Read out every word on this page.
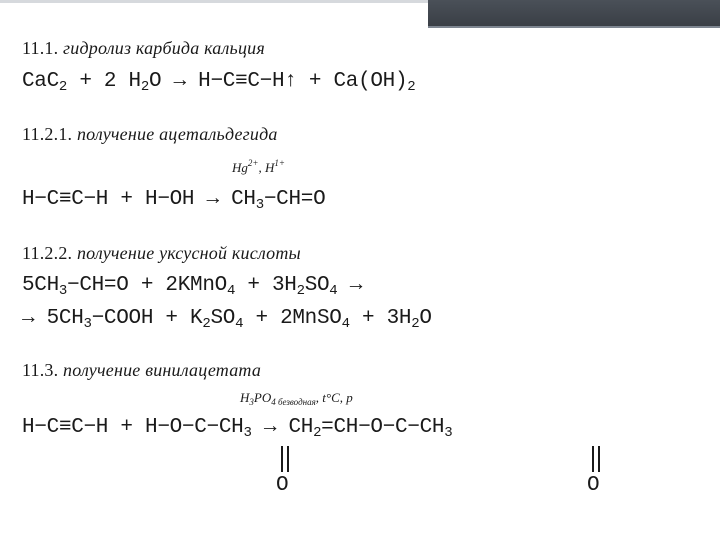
11.1. гидролиз карбида кальция
CaC$_2$ + 2 $H_2O$ → H−C≡C−H↑ + $Ca(OH)_2$
11.2.1. получение ацетальдегида
$Hg^{2+}$, $H^{1+}$
$H-C\equiv C-H + H-OH \to CH_3-CH=O$
11.2.2. получение уксусной кислоты
$5CH_3-CH=O$ + 2KMnO$_4$ + $3H_2SO_4$ →
→ $5CH_3-COOH + K_2SO_4$ + 2MnSO$_4$ + $3H_2O$
11.3. получение винилацетата
$H_3PO_{4 безводная}$, t°C, p
$H-C\equiv C-H + H-O-C-CH_3 \to CH_2=CH-O-C-CH_3$
O	O
